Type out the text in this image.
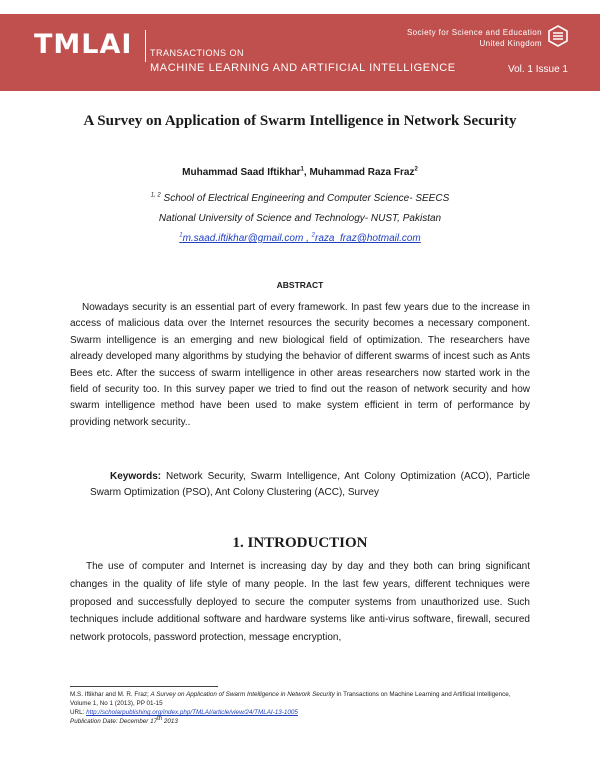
TMLAI TRANSACTIONS ON
MACHINE LEARNING AND ARTIFICIAL INTELLIGENCE
Society for Science and Education
United Kingdom
Vol. 1 Issue 1
A Survey on Application of Swarm Intelligence in Network Security
Muhammad Saad Iftikhar$^1$, Muhammad Raza Fraz$^2$
$^{1, 2}$ School of Electrical Engineering and Computer Science- SEECS
National University of Science and Technology- NUST, Pakistan
$^1$m.saad.iftikhar@gmail.com , $^2$raza_fraz@hotmail.com
ABSTRACT
Nowadays security is an essential part of every framework. In past few years due to the increase in access of malicious data over the Internet resources the security becomes a necessary component. Swarm intelligence is an emerging and new biological field of optimization. The researchers have already developed many algorithms by studying the behavior of different swarms of incest such as Ants Bees etc. After the success of swarm intelligence in other areas researchers now started work in the field of security too. In this survey paper we tried to find out the reason of network security and how swarm intelligence method have been used to make system efficient in term of performance by providing network security..
Keywords: Network Security, Swarm Intelligence, Ant Colony Optimization (ACO), Particle Swarm Optimization (PSO), Ant Colony Clustering (ACC), Survey
1. INTRODUCTION
The use of computer and Internet is increasing day by day and they both can bring significant changes in the quality of life style of many people. In the last few years, different techniques were proposed and successfully deployed to secure the computer systems from unauthorized use. Such techniques include additional software and hardware systems like anti-virus software, firewall, secured network protocols, password protection, message encryption,
M.S. Iftikhar and M. R. Fraz; A Survey on Application of Swarm Intelligence in Network Security in Transactions on Machine Learning and Artificial Intelligence, Volume 1, No 1 (2013), PP 01-15
URL: http://scholarpublishing.org/index.php/TMLAI/article/view/24/TMLAI-13-1005
Publication Date: December 17th 2013
